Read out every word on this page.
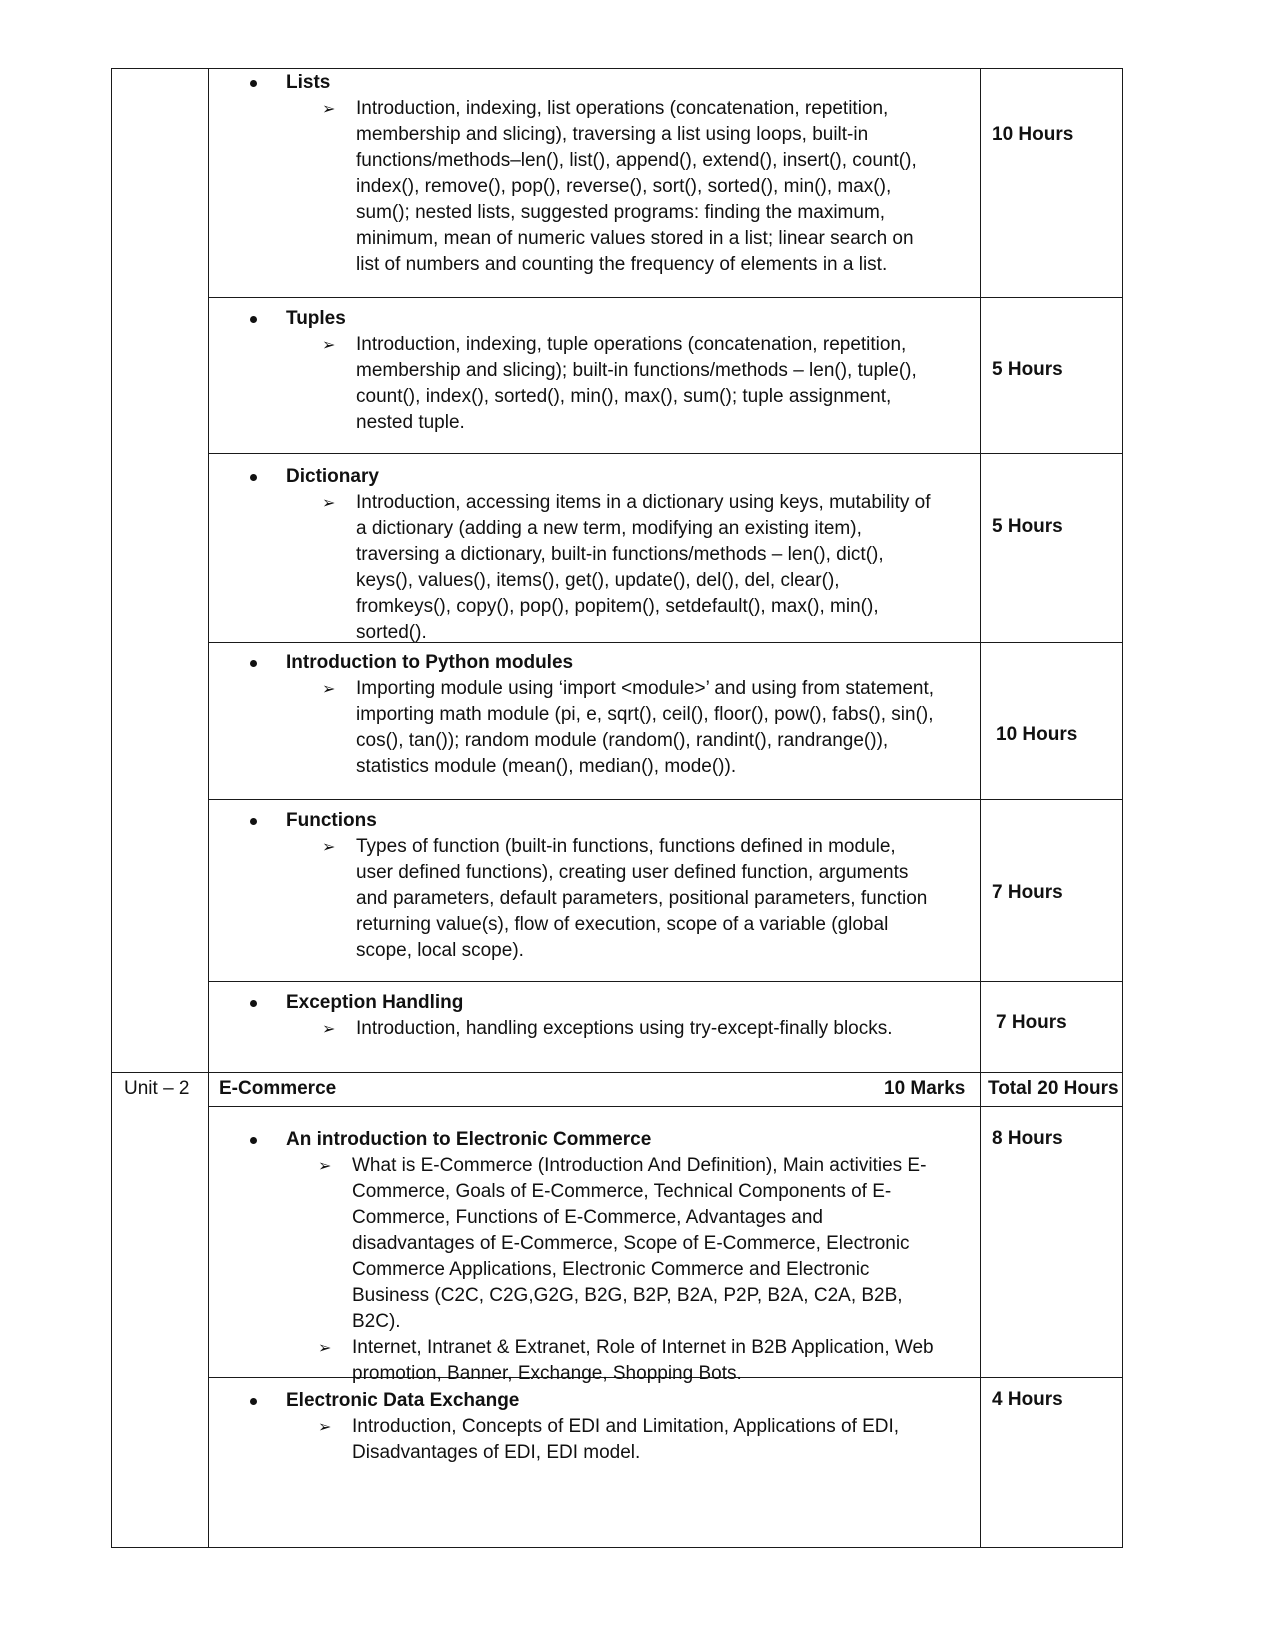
Lists
➢ Introduction, indexing, list operations (concatenation, repetition, membership and slicing), traversing a list using loops, built-in functions/methods–len(), list(), append(), extend(), insert(), count(), index(), remove(), pop(), reverse(), sort(), sorted(), min(), max(), sum(); nested lists, suggested programs: finding the maximum, minimum, mean of numeric values stored in a list; linear search on list of numbers and counting the frequency of elements in a list.
10 Hours
Tuples
➢ Introduction, indexing, tuple operations (concatenation, repetition, membership and slicing); built-in functions/methods – len(), tuple(), count(), index(), sorted(), min(), max(), sum(); tuple assignment, nested tuple.
5 Hours
Dictionary
➢ Introduction, accessing items in a dictionary using keys, mutability of a dictionary (adding a new term, modifying an existing item), traversing a dictionary, built-in functions/methods – len(), dict(), keys(), values(), items(), get(), update(), del(), del, clear(), fromkeys(), copy(), pop(), popitem(), setdefault(), max(), min(), sorted().
5 Hours
Introduction to Python modules
➢ Importing module using ‘import <module>’ and using from statement, importing math module (pi, e, sqrt(), ceil(), floor(), pow(), fabs(), sin(), cos(), tan()); random module (random(), randint(), randrange()), statistics module (mean(), median(), mode()).
10 Hours
Functions
➢ Types of function (built-in functions, functions defined in module, user defined functions), creating user defined function, arguments and parameters, default parameters, positional parameters, function returning value(s), flow of execution, scope of a variable (global scope, local scope).
7 Hours
Exception Handling
➢ Introduction, handling exceptions using try-except-finally blocks.	7 Hours
Unit – 2 E-Commerce	10 Marks Total 20 Hours
An introduction to Electronic Commerce
➢ What is E-Commerce (Introduction And Definition), Main activities E-Commerce, Goals of E-Commerce, Technical Components of E-Commerce, Functions of E-Commerce, Advantages and disadvantages of E-Commerce, Scope of E-Commerce, Electronic Commerce Applications, Electronic Commerce and Electronic Business (C2C, C2G,G2G, B2G, B2P, B2A, P2P, B2A, C2A, B2B, B2C).
➢ Internet, Intranet & Extranet, Role of Internet in B2B Application, Web promotion, Banner, Exchange, Shopping Bots.
8 Hours
Electronic Data Exchange
➢ Introduction, Concepts of EDI and Limitation, Applications of EDI, Disadvantages of EDI, EDI model.
4 Hours
